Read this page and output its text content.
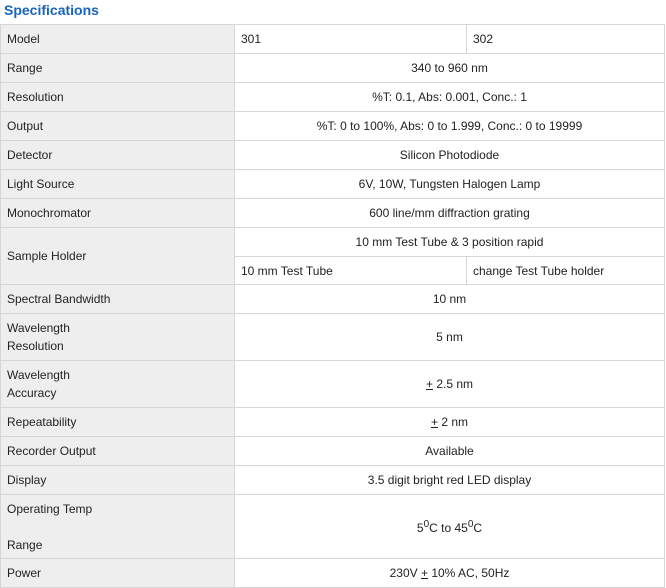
Specifications
Model	301	302
Range	340 to 960 nm	
Resolution	%T: 0.1, Abs: 0.001, Conc.: 1	
Output	%T: 0 to 100%, Abs: 0 to 1.999, Conc.: 0 to 19999	
Detector	Silicon Photodiode	
Light Source	6V, 10W, Tungsten Halogen Lamp	
Monochromator	600 line/mm diffraction grating	
Sample Holder	10 mm Test Tube & 3 position rapid	
	10 mm Test Tube	change Test Tube holder
Spectral Bandwidth	10 nm	
Wavelength
Resolution	5 nm	
Wavelength
Accuracy	+ 2.5 nm	
Repeatability	+ 2 nm	
Recorder Output	Available	
Display	3.5 digit bright red LED display	
Operating Temp

Range	$5^0C$ to $45^0C$	
Power	230V + 10% AC, 50Hz	
